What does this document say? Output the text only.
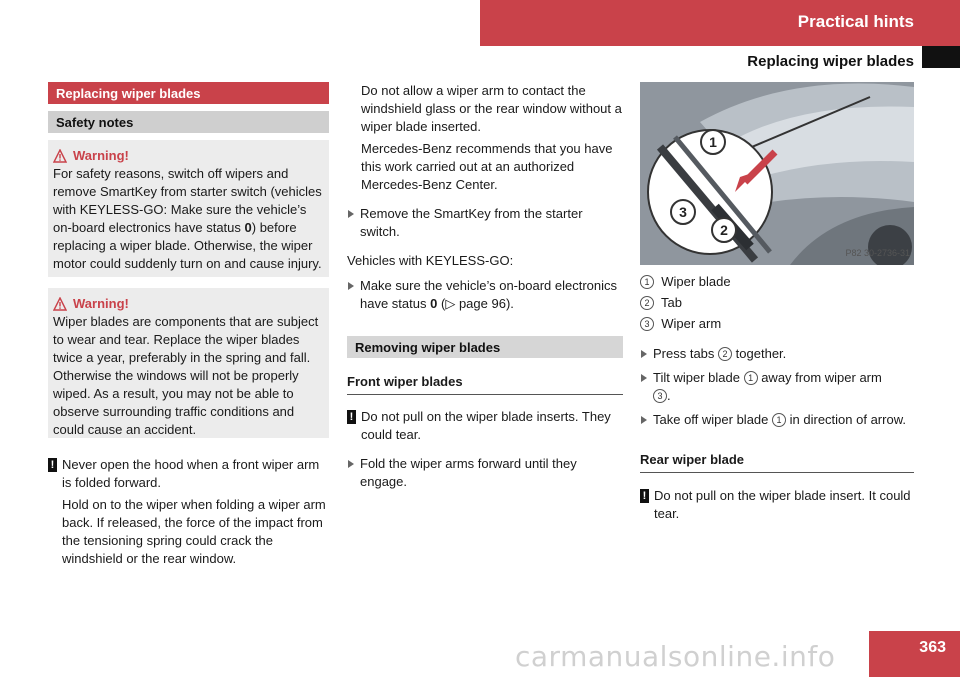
Practical hints
Replacing wiper blades
Replacing wiper blades
Safety notes
Warning!

For safety reasons, switch off wipers and remove SmartKey from starter switch (vehicles with KEYLESS-GO: Make sure the vehicle’s on-board electronics have status 0) before replacing a wiper blade. Otherwise, the wiper motor could suddenly turn on and cause injury.

Warning!

Wiper blades are components that are subject to wear and tear. Replace the wiper blades twice a year, preferably in the spring and fall. Otherwise the windows will not be properly wiped. As a result, you may not be able to observe surrounding traffic conditions and could cause an accident.

!

Never open the hood when a front wiper arm is folded forward.

Hold on to the wiper when folding a wiper arm back. If released, the force of the impact from the tensioning spring could crack the windshield or the rear window.

Do not allow a wiper arm to contact the windshield glass or the rear window without a wiper blade inserted.

Mercedes-Benz recommends that you have this work carried out at an authorized Mercedes-Benz Center.

Remove the SmartKey from the starter switch.

Vehicles with KEYLESS-GO:

Make sure the vehicle’s on-board electronics have status 0 (▷ page 96).
Removing wiper blades
Front wiper blades
!

Do not pull on the wiper blade inserts. They could tear.

Fold the wiper arms forward until they engage.
1
3
2
P82 30-2736-31

1 Wiper blade

2 Tab

3 Wiper arm

Press tabs 2 together.
Tilt wiper blade 1 away from wiper arm
3 .
Take off wiper blade 1 in direction of arrow.
Rear wiper blade
!

Do not pull on the wiper blade insert. It could tear.

carmanualsonline.info	363
